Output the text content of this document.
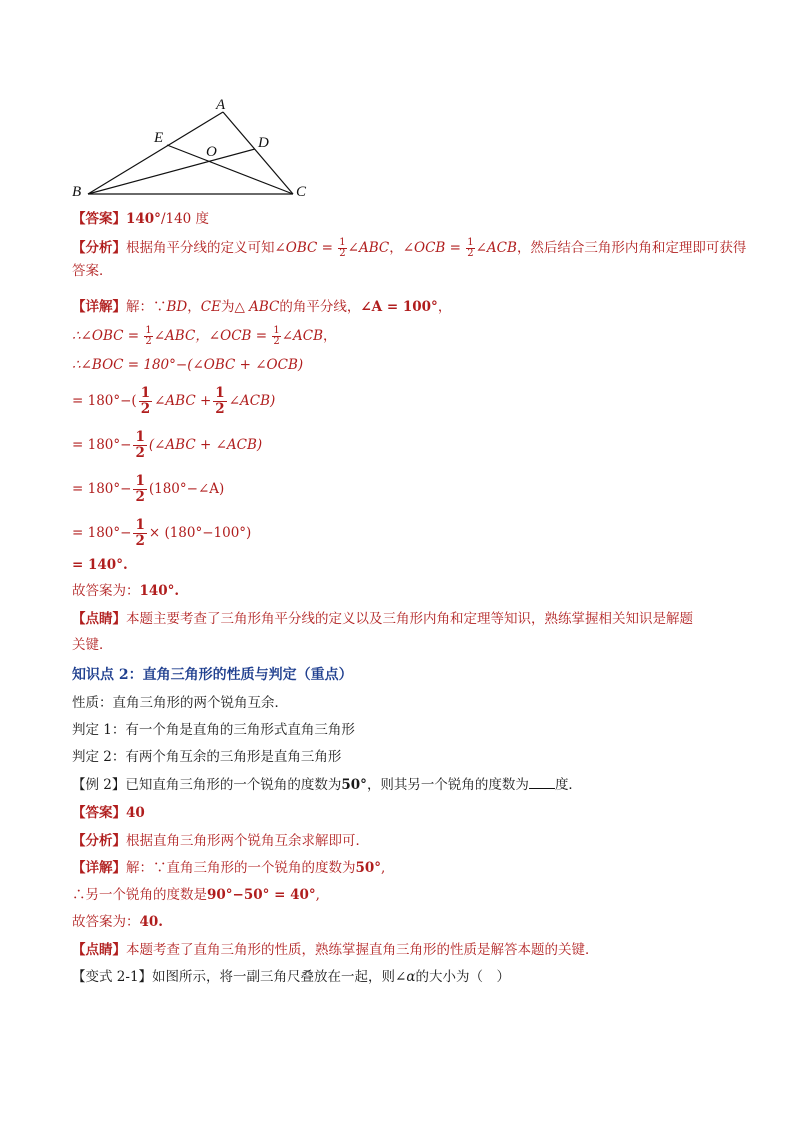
A
B	C
D
E
O
【答案】140°/140 度
【分析】根据角平分线的定义可知∠OBC = $\frac{1}{2}$ ∠ABC，∠OCB = $\frac{1}{2}$ ∠ACB，然后结合三角形内角和定理即可获得
答案．
【详解】解：∵BD，CE为△ ABC的角平分线，∠A = 100°，
∴∠OBC = $\frac{1}{2}$ ∠ABC，∠OCB = $\frac{1}{2}$ ∠ACB，
∴∠BOC = 180°−(∠OBC + ∠OCB)
= $180^\circ-( \frac{1}{2}$ ∠ABC + $\frac{1}{2}$ ∠ACB)
= $180^\circ- \frac{1}{2}$ (∠ABC + ∠ACB)
= $180^\circ- \frac{1}{2}$ (180°−∠A)
= $180^\circ- \frac{1}{2} \times (180^\circ-100^\circ)$
= 140°.
故答案为：140°.
【点睛】本题主要考查了三角形角平分线的定义以及三角形内角和定理等知识，熟练掌握相关知识是解题
关键．
知识点 2：直角三角形的性质与判定（重点）
性质：直角三角形的两个锐角互余．
判定 1：有一个角是直角的三角形式直角三角形
判定 2：有两个角互余的三角形是直角三角形
【例 2】已知直角三角形的一个锐角的度数为50°，则其另一个锐角的度数为 度．
【答案】40
【分析】根据直角三角形两个锐角互余求解即可．
【详解】解：∵直角三角形的一个锐角的度数为50°,
∴另一个锐角的度数是90°−50° = 40°,
故答案为：40.
【点睛】本题考查了直角三角形的性质，熟练掌握直角三角形的性质是解答本题的关键．
【变式 2-1】如图所示，将一副三角尺叠放在一起，则∠α的大小为（　）
